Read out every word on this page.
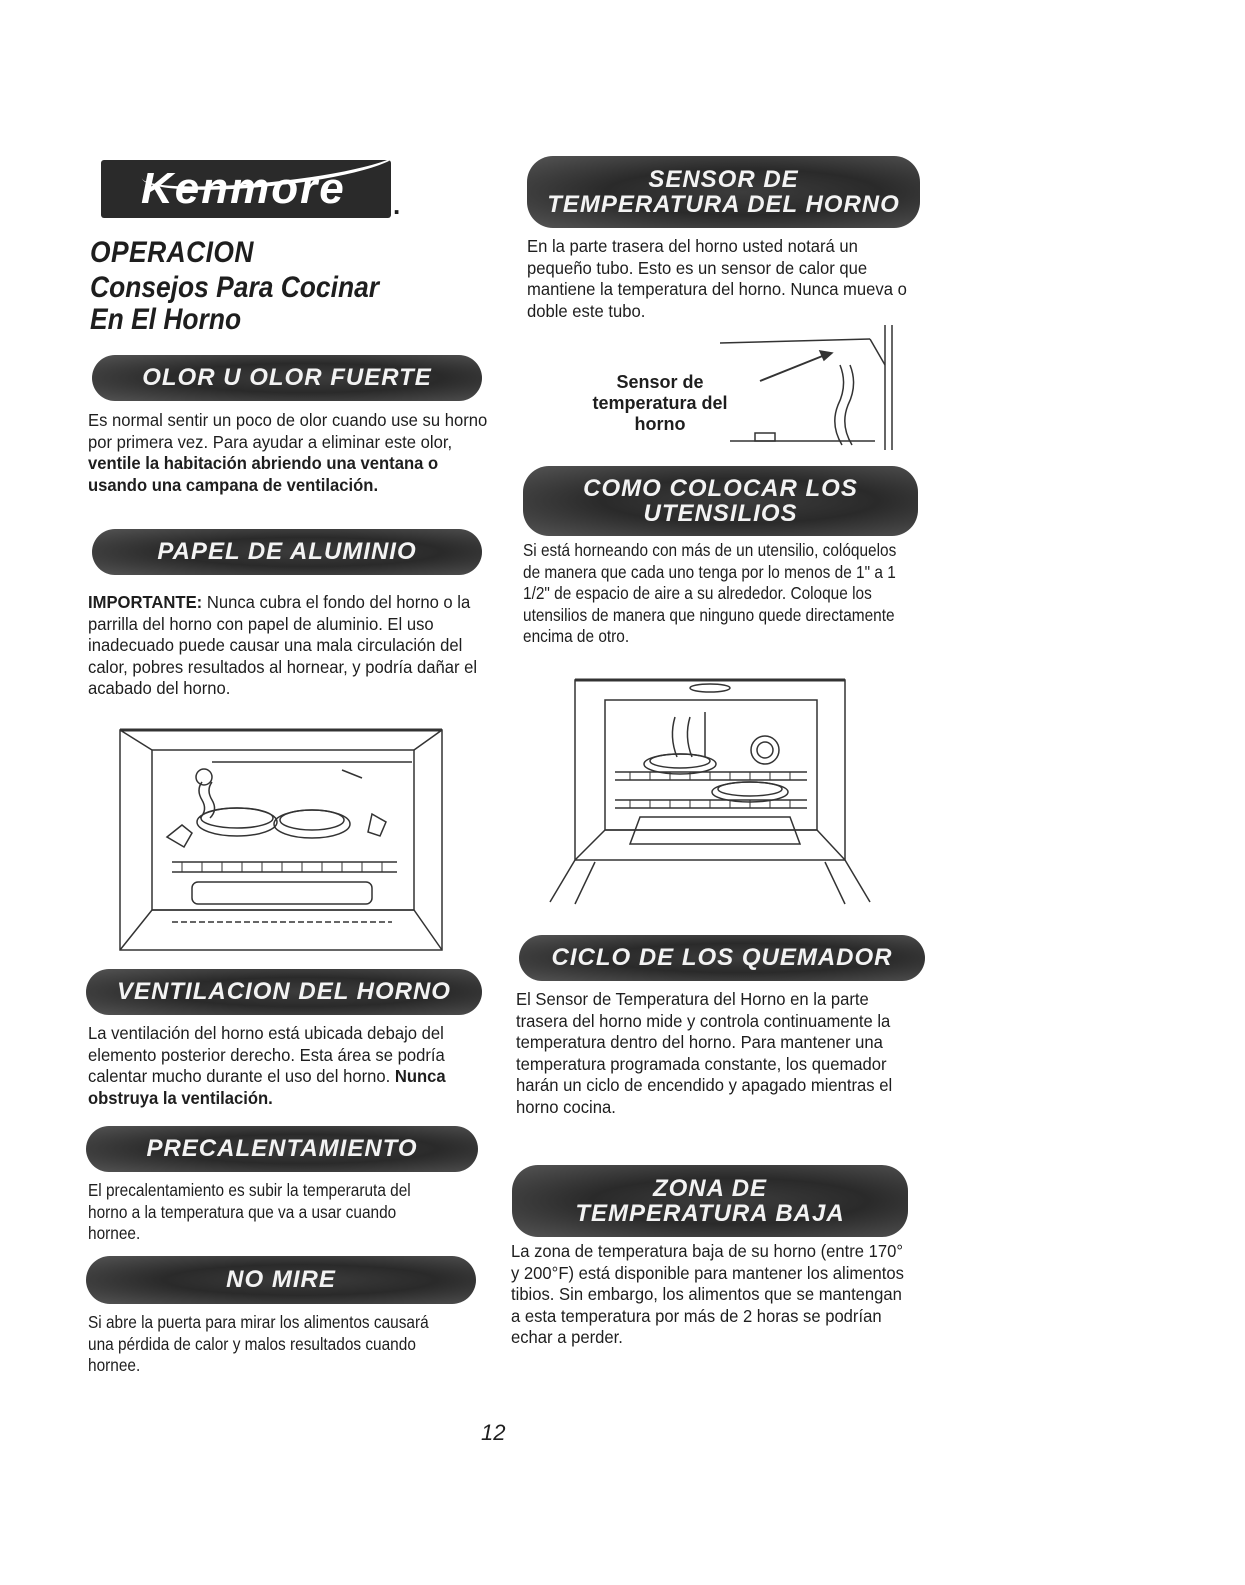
Kenmore .
OPERACION
Consejos Para Cocinar
En El Horno
OLOR U OLOR FUERTE
Es normal sentir un poco de olor cuando use su horno por primera vez. Para ayudar a eliminar este olor, ventile la habitación abriendo una ventana o usando una campana de ventilación.
PAPEL DE ALUMINIO
IMPORTANTE: Nunca cubra el fondo del horno o la parrilla del horno con papel de aluminio. El uso inadecuado puede causar una mala circulación del calor, pobres resultados al hornear, y podría dañar el acabado del horno.
VENTILACION DEL HORNO
La ventilación del horno está ubicada debajo del elemento posterior derecho. Esta área se podría calentar mucho durante el uso del horno. Nunca obstruya la ventilación.
PRECALENTAMIENTO
El precalentamiento es subir la temperaruta del horno a la temperatura que va a usar cuando hornee.
NO MIRE
Si abre la puerta para mirar los alimentos causará una pérdida de calor y malos resultados cuando hornee.
SENSOR DE
TEMPERATURA DEL HORNO
En la parte trasera del horno usted notará un pequeño tubo. Esto es un sensor de calor que mantiene la temperatura del horno. Nunca mueva o doble este tubo.
Sensor de
temperatura del
horno
COMO COLOCAR LOS
UTENSILIOS
Si está horneando con más de un utensilio, colóquelos de manera que cada uno tenga por lo menos de 1" a 1 1/2" de espacio de aire a su alrededor. Coloque los utensilios de manera que ninguno quede directamente encima de otro.
CICLO DE LOS QUEMADOR
El Sensor de Temperatura del Horno en la parte trasera del horno mide y controla continuamente la temperatura dentro del horno. Para mantener una temperatura programada constante, los quemador harán un ciclo de encendido y apagado mientras el horno cocina.
ZONA DE
TEMPERATURA BAJA
La zona de temperatura baja de su horno (entre 170° y 200°F) está disponible para mantener los alimentos tibios. Sin embargo, los alimentos que se mantengan a esta temperatura por más de 2 horas se podrían echar a perder.
12
